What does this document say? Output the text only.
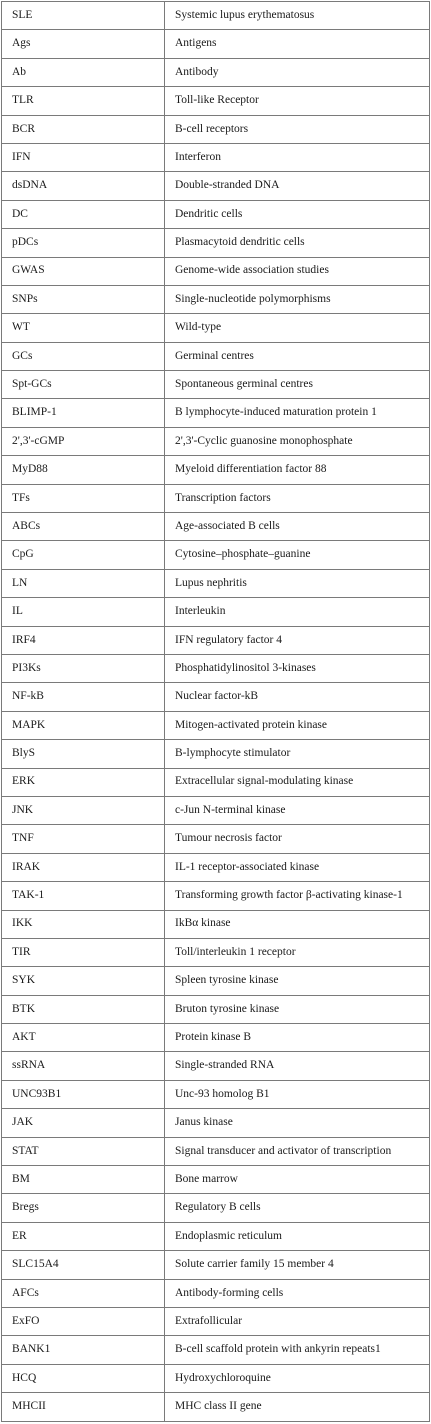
SLE	Systemic lupus erythematosus
Ags	Antigens
Ab	Antibody
TLR	Toll-like Receptor
BCR	B-cell receptors
IFN	Interferon
dsDNA	Double-stranded DNA
DC	Dendritic cells
pDCs	Plasmacytoid dendritic cells
GWAS	Genome-wide association studies
SNPs	Single-nucleotide polymorphisms
WT	Wild-type
GCs	Germinal centres
Spt-GCs	Spontaneous germinal centres
BLIMP-1	B lymphocyte-induced maturation protein 1
2',3'-cGMP	2',3'-Cyclic guanosine monophosphate
MyD88	Myeloid differentiation factor 88
TFs	Transcription factors
ABCs	Age-associated B cells
CpG	Cytosine–phosphate–guanine
LN	Lupus nephritis
IL	Interleukin
IRF4	IFN regulatory factor 4
PI3Ks	Phosphatidylinositol 3-kinases
NF-kB	Nuclear factor-kB
MAPK	Mitogen-activated protein kinase
BlyS	B-lymphocyte stimulator
ERK	Extracellular signal-modulating kinase
JNK	c-Jun N-terminal kinase
TNF	Tumour necrosis factor
IRAK	IL-1 receptor-associated kinase
TAK-1	Transforming growth factor β-activating kinase-1
IKK	IkBα kinase
TIR	Toll/interleukin 1 receptor
SYK	Spleen tyrosine kinase
BTK	Bruton tyrosine kinase
AKT	Protein kinase B
ssRNA	Single-stranded RNA
UNC93B1	Unc-93 homolog B1
JAK	Janus kinase
STAT	Signal transducer and activator of transcription
BM	Bone marrow
Bregs	Regulatory B cells
ER	Endoplasmic reticulum
SLC15A4	Solute carrier family 15 member 4
AFCs	Antibody-forming cells
ExFO	Extrafollicular
BANK1	B-cell scaffold protein with ankyrin repeats1
HCQ	Hydroxychloroquine
MHCII	MHC class II gene
